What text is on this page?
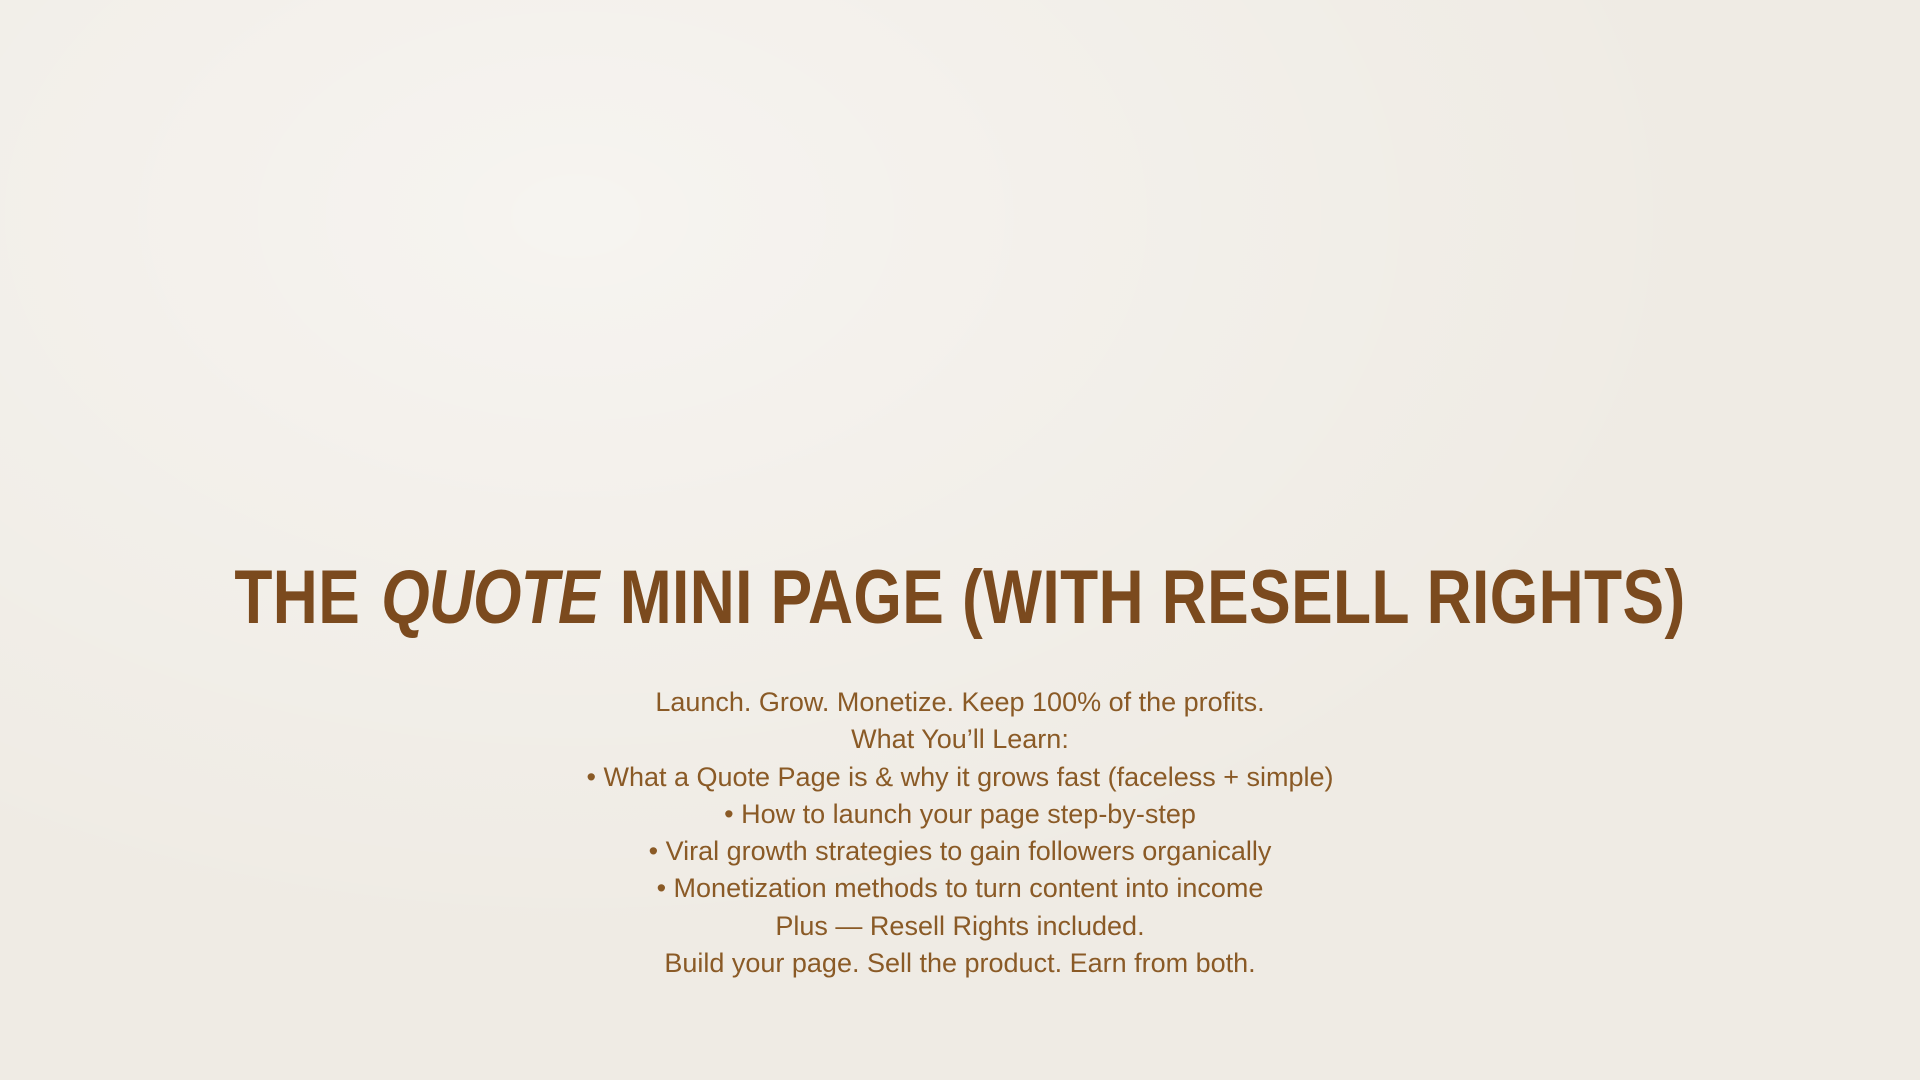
THE QUOTE MINI PAGE (WITH RESELL RIGHTS)
Launch. Grow. Monetize. Keep 100% of the profits.
What You’ll Learn:
• What a Quote Page is & why it grows fast (faceless + simple)
• How to launch your page step-by-step
• Viral growth strategies to gain followers organically
• Monetization methods to turn content into income
Plus — Resell Rights included.
Build your page. Sell the product. Earn from both.
